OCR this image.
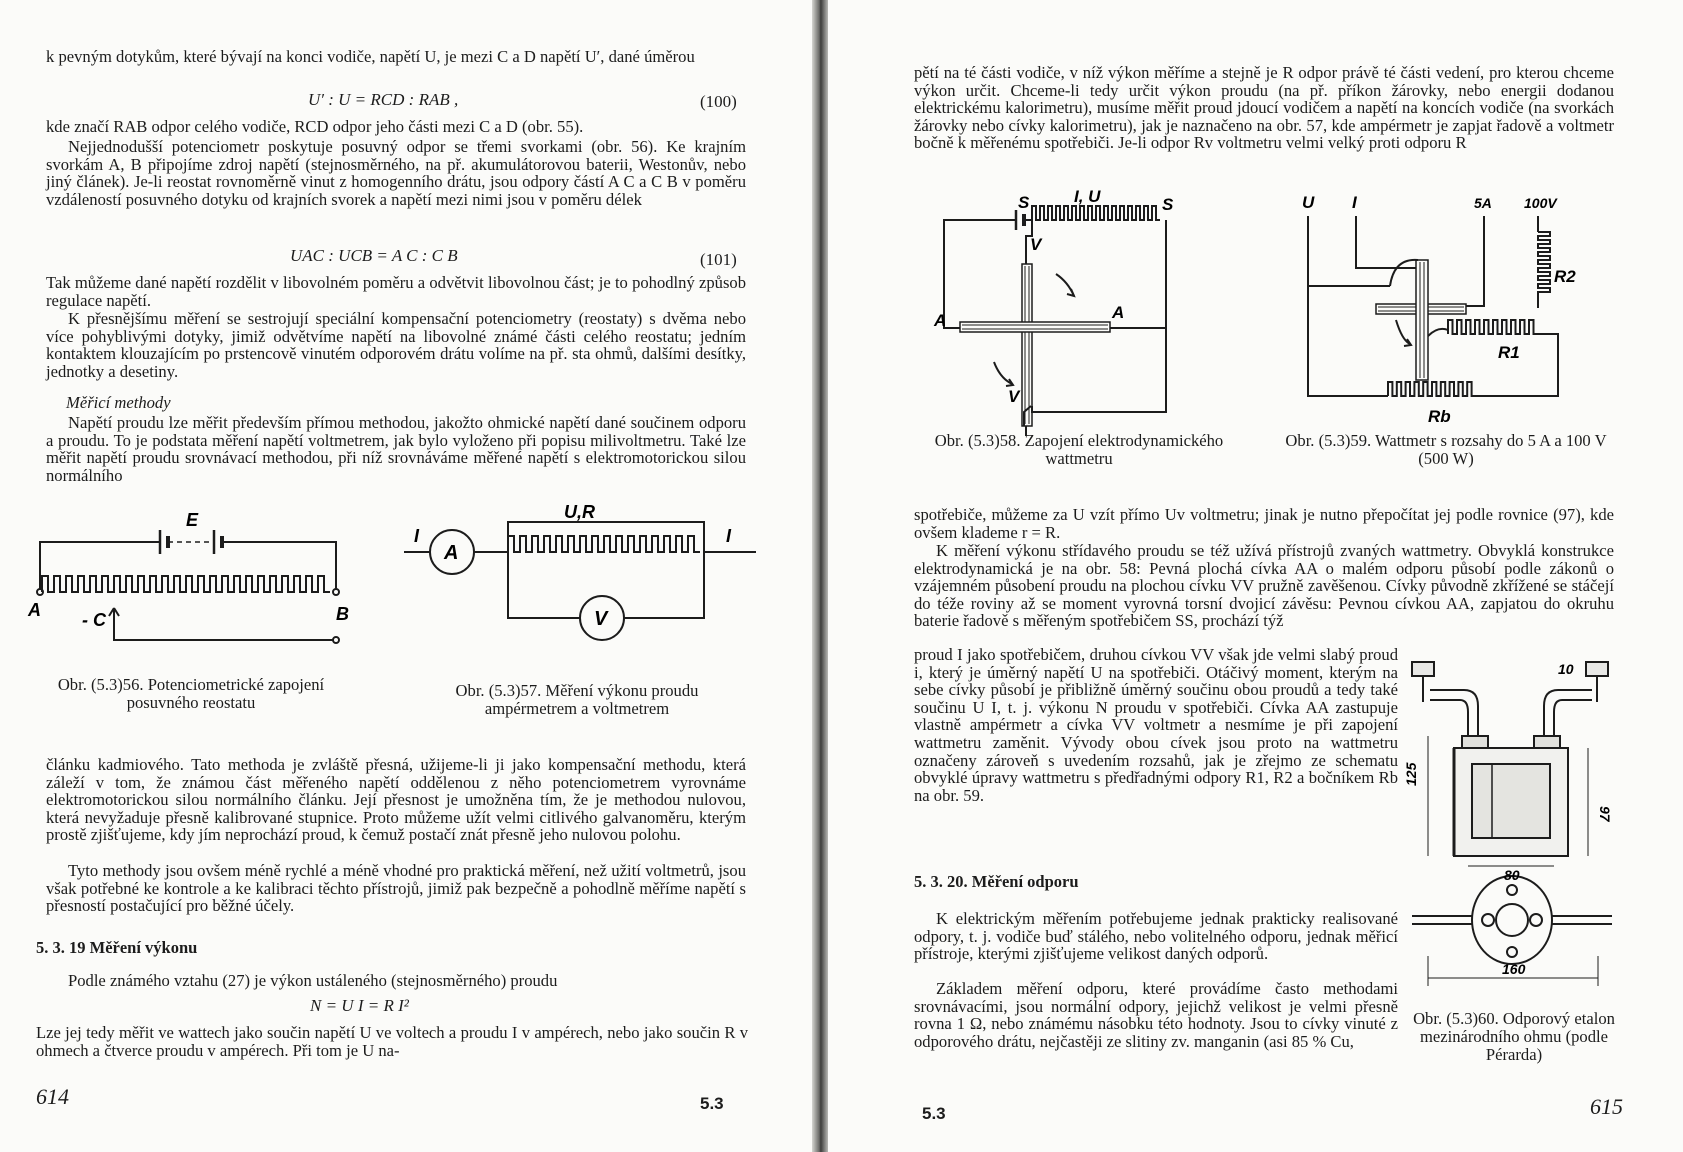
k pevným dotykům, které bývají na konci vodiče, napětí U, je mezi C a D napětí U′, dané úměrou

U′ : U = RCD : RAB ,	(100)

kde značí RAB odpor celého vodiče, RCD odpor jeho části mezi C a D (obr. 55).

Nejjednodušší potenciometr poskytuje posuvný odpor se třemi svorkami (obr. 56). Ke krajním svorkám A, B připojíme zdroj napětí (stejnosměrného, na př. akumulátorovou baterii, Westonův, nebo jiný článek). Je-li reostat rovnoměrně vinut z homogenního drátu, jsou odpory částí A C a C B v poměru vzdáleností posuvného dotyku od krajních svorek a napětí mezi nimi jsou v poměru délek

UAC : UCB = A C : C B	(101)

Tak můžeme dané napětí rozdělit v libovolném poměru a odvětvit libovolnou část; je to pohodlný způsob regulace napětí.

K přesnějšímu měření se sestrojují speciální kompensační potenciometry (reostaty) s dvěma nebo více pohyblivými dotyky, jimiž odvětvíme napětí na libovolné známé části celého reostatu; jedním kontaktem klouzajícím po prstencově vinutém odporovém drátu volíme na př. sta ohmů, dalšími desítky, jednotky a desetiny.

Měřicí methody

Napětí proudu lze měřit především přímou methodou, jakožto ohmické napětí dané součinem odporu a proudu. To je podstata měření napětí voltmetrem, jak bylo vyloženo při popisu milivoltmetru. Také lze měřit napětí proudu srovnávací methodou, při níž srovnáváme měřené napětí s elektromotorickou silou normálního

E
A - C	B
U,R
I	I
A
V
Obr. (5.3)56. Potenciometrické zapojení posuvného reostatu
Obr. (5.3)57. Měření výkonu proudu ampérmetrem a voltmetrem

článku kadmiového. Tato methoda je zvláště přesná, užijeme-li ji jako kompensační methodu, která záleží v tom, že známou část měřeného napětí oddělenou z něho potenciometrem vyrovnáme elektromotorickou silou normálního článku. Její přesnost je umožněna tím, že je methodou nulovou, která nevyžaduje přesně kalibrované stupnice. Proto můžeme užít velmi citlivého galvanoměru, kterým prostě zjišťujeme, kdy jím neprochází proud, k čemuž postačí znát přesně jeho nulovou polohu.

Tyto methody jsou ovšem méně rychlé a méně vhodné pro praktická měření, než užití voltmetrů, jsou však potřebné ke kontrole a ke kalibraci těchto přístrojů, jimiž pak bezpečně a pohodlně měříme napětí s přesností postačující pro běžné účely.

5. 3. 19 Měření výkonu

Podle známého vztahu (27) je výkon ustáleného (stejnosměrného) proudu

N = U I = R I²

Lze jej tedy měřit ve wattech jako součin napětí U ve voltech a proudu I v ampérech, nebo jako součin R v ohmech a čtverce proudu v ampérech. Při tom je U na-

614	5.3

pětí na té části vodiče, v níž výkon měříme a stejně je R odpor právě té části vedení, pro kterou chceme výkon určit. Chceme-li tedy určit výkon proudu (na př. příkon žárovky, nebo energii dodanou elektrickému kalorimetru), musíme měřit proud jdoucí vodičem a napětí na koncích vodiče (na svorkách žárovky nebo cívky kalorimetru), jak je naznačeno na obr. 57, kde ampérmetr je zapjat řadově a voltmetr bočně k měřenému spotřebiči. Je-li odpor Rv voltmetru velmi velký proti odporu R

S	I, U	S
V
A	A
V
U I	5A 100V
R2
R1
Rb
Obr. (5.3)58. Zapojení elektrodynamického wattmetru
Obr. (5.3)59. Wattmetr s rozsahy do 5 A a 100 V (500 W)

spotřebiče, můžeme za U vzít přímo Uv voltmetru; jinak je nutno přepočítat jej podle rovnice (97), kde ovšem klademe r = R.

K měření výkonu střídavého proudu se též užívá přístrojů zvaných wattmetry. Obvyklá konstrukce elektrodynamická je na obr. 58: Pevná plochá cívka AA o malém odporu působí podle zákonů o vzájemném působení proudu na plochou cívku VV pružně zavěšenou. Cívky původně zkřížené se stáčejí do téže roviny až se moment vyrovná torsní dvojicí závěsu: Pevnou cívkou AA, zapjatou do okruhu baterie řadově s měřeným spotřebičem SS, prochází týž

proud I jako spotřebičem, druhou cívkou VV však jde velmi slabý proud i, který je úměrný napětí U na spotřebiči. Otáčivý moment, kterým na sebe cívky působí je přibližně úměrný součinu obou proudů a tedy také součinu U I, t. j. výkonu N proudu v spotřebiči. Cívka AA zastupuje vlastně ampérmetr a cívka VV voltmetr a nesmíme je při zapojení wattmetru zaměnit. Vývody obou cívek jsou proto na wattmetru označeny zároveň s uvedením rozsahů, jak je zřejmo ze schematu obvyklé úpravy wattmetru s předřadnými odpory R1, R2 a bočníkem Rb na obr. 59.

10
125
97
80
160
5. 3. 20. Měření odporu

K elektrickým měřením potřebujeme jednak prakticky realisované odpory, t. j. vodiče buď stálého, nebo volitelného odporu, jednak měřicí přístroje, kterými zjišťujeme velikost daných odporů.

Základem měření odporu, které provádíme často methodami srovnávacími, jsou normální odpory, jejichž velikost je velmi přesně rovna 1 Ω, nebo známému násobku této hodnoty. Jsou to cívky vinuté z odporového drátu, nejčastěji ze slitiny zv. manganin (asi 85 % Cu,

Obr. (5.3)60. Odporový etalon mezinárodního ohmu (podle Pérarda)
5.3	615
